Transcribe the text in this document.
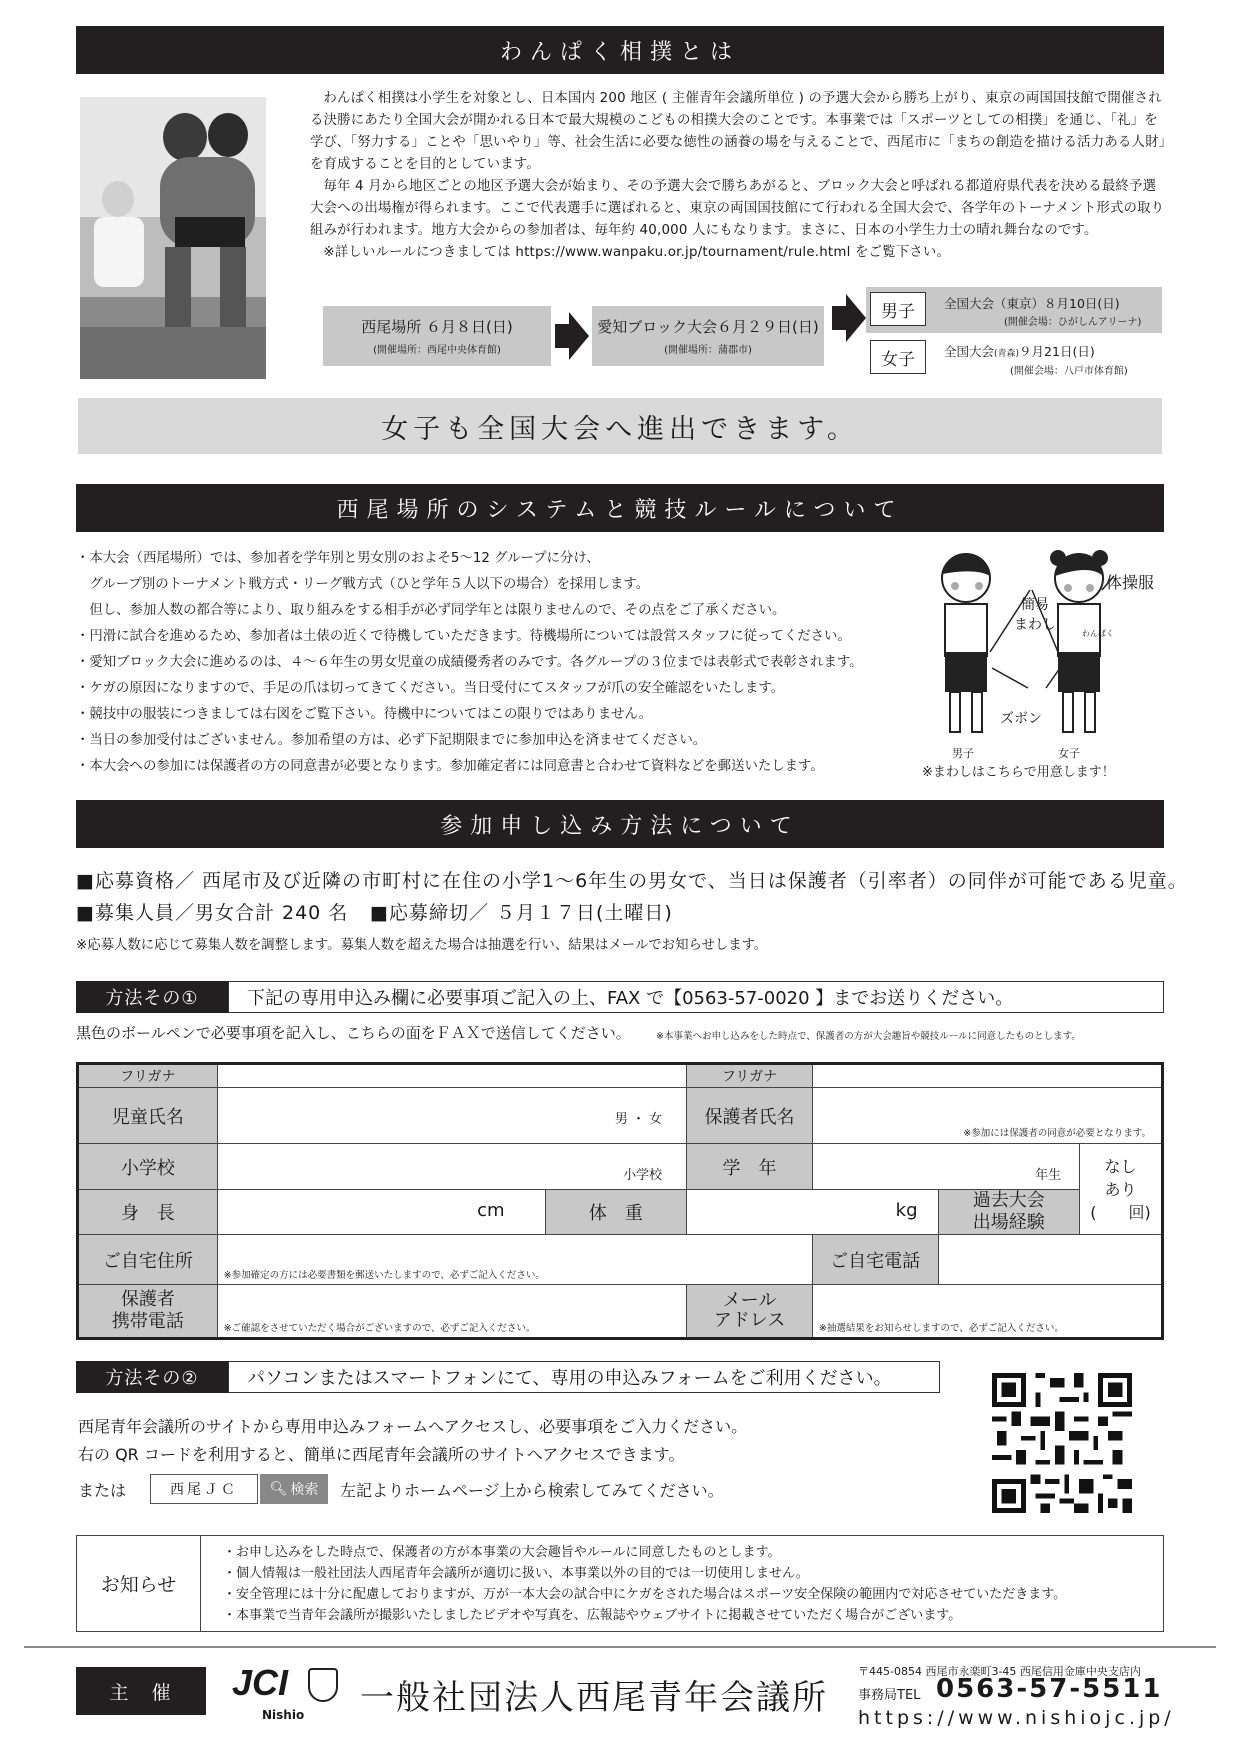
わんぱく相撲とは

わんぱく相撲は小学生を対象とし、日本国内 200 地区 ( 主催青年会議所単位 ) の予選大会から勝ち上がり、東京の両国国技館で開催される決勝にあたり全国大会が開かれる日本で最大規模のこどもの相撲大会のことです。本事業では「スポーツとしての相撲」を通じ、「礼」を学び、「努力する」ことや「思いやり」等、社会生活に必要な徳性の涵養の場を与えることで、西尾市に「まちの創造を描ける活力ある人財」を育成することを目的としています。

毎年 4 月から地区ごとの地区予選大会が始まり、その予選大会で勝ちあがると、ブロック大会と呼ばれる都道府県代表を決める最終予選大会への出場権が得られます。ここで代表選手に選ばれると、東京の両国国技館にて行われる全国大会で、各学年のトーナメント形式の取り組みが行われます。地方大会からの参加者は、毎年約 40,000 人にもなります。まさに、日本の小学生力士の晴れ舞台なのです。

※詳しいルールにつきましては https://www.wanpaku.or.jp/tournament/rule.html をご覧下さい。

西尾場所 ６月８日(日)
(開催場所：西尾中央体育館)
愛知ブロック大会６月２９日(日)
(開催場所：蒲郡市)
男子	全国大会（東京）８月10日(日)
(開催会場：ひがしんアリーナ)
女子	全国大会(青森)９月21日(日)
(開催会場：八戸市体育館)
女子も全国大会へ進出できます。
西尾場所のシステムと競技ルールについて
・本大会（西尾場所）では、参加者を学年別と男女別のおよそ5～12 グループに分け、
　グループ別のトーナメント戦方式・リーグ戦方式（ひと学年５人以下の場合）を採用します。
　但し、参加人数の都合等により、取り組みをする相手が必ず同学年とは限りませんので、その点をご了承ください。
・円滑に試合を進めるため、参加者は土俵の近くで待機していただきます。待機場所については設営スタッフに従ってください。
・愛知ブロック大会に進めるのは、４～６年生の男女児童の成績優秀者のみです。各グループの３位までは表彰式で表彰されます。
・ケガの原因になりますので、手足の爪は切ってきてください。当日受付にてスタッフが爪の安全確認をいたします。
・競技中の服装につきましては右図をご覧下さい。待機中についてはこの限りではありません。
・当日の参加受付はございません。参加希望の方は、必ず下記期限までに参加申込を済ませてください。
・本大会への参加には保護者の方の同意書が必要となります。参加確定者には同意書と合わせて資料などを郵送いたします。
体操服
簡易
まわし
わんぱく
ズボン
男子	女子
※まわしはこちらで用意します！
参加申し込み方法について
■応募資格／ 西尾市及び近隣の市町村に在住の小学1～6年生の男女で、当日は保護者（引率者）の同伴が可能である児童。
■募集人員／男女合計 240 名 ■応募締切／ ５月１７日(土曜日)
※応募人数に応じて募集人数を調整します。募集人数を超えた場合は抽選を行い、結果はメールでお知らせします。
方法その①	下記の専用申込み欄に必要事項ご記入の上、FAX で【0563-57-0020 】までお送りください。
黒色のボールペンで必要事項を記入し、こちらの面をＦＡＸで送信してください。	※本事業へお申し込みをした時点で、保護者の方が大会趣旨や競技ルールに同意したものとします。
フリガナ			フリガナ			
児童氏名	男 ・ 女		保護者氏名	※参加には保護者の同意が必要となります。		

小学校	小学校		学　年	年生		なし
あり
(　　回)

身　長	cm	体　重	kg		過去大会
出場経験	
ご自宅住所	※参加確定の方には必要書類を郵送いたしますので、必ずご記入ください。			ご自宅電話		
保護者
携帯電話	※ご確認をさせていただく場合がございますので、必ずご記入ください。		メール
アドレス	※抽選結果をお知らせしますので、必ずご記入ください。		
方法その②	パソコンまたはスマートフォンにて、専用の申込みフォームをご利用ください。
西尾青年会議所のサイトから専用申込みフォームへアクセスし、必要事項をご入力ください。
右の QR コードを利用すると、簡単に西尾青年会議所のサイトへアクセスできます。
または	西尾ＪＣ	🔍︎ 検索 左記よりホームページ上から検索してみてください。
お知らせ
・お申し込みをした時点で、保護者の方が本事業の大会趣旨やルールに同意したものとします。
・個人情報は一般社団法人西尾青年会議所が適切に扱い、本事業以外の目的では一切使用しません。
・安全管理には十分に配慮しておりますが、万が一本大会の試合中にケガをされた場合はスポーツ安全保険の範囲内で対応させていただきます。
・本事業で当青年会議所が撮影いたしましたビデオや写真を、広報誌やウェブサイトに掲載させていただく場合がございます。
主　催	JCI
Nishio 一般社団法人西尾青年会議所
〒445-0854 西尾市永楽町3-45 西尾信用金庫中央支店内
事務局TEL 0563-57-5511
https://www.nishiojc.jp/
